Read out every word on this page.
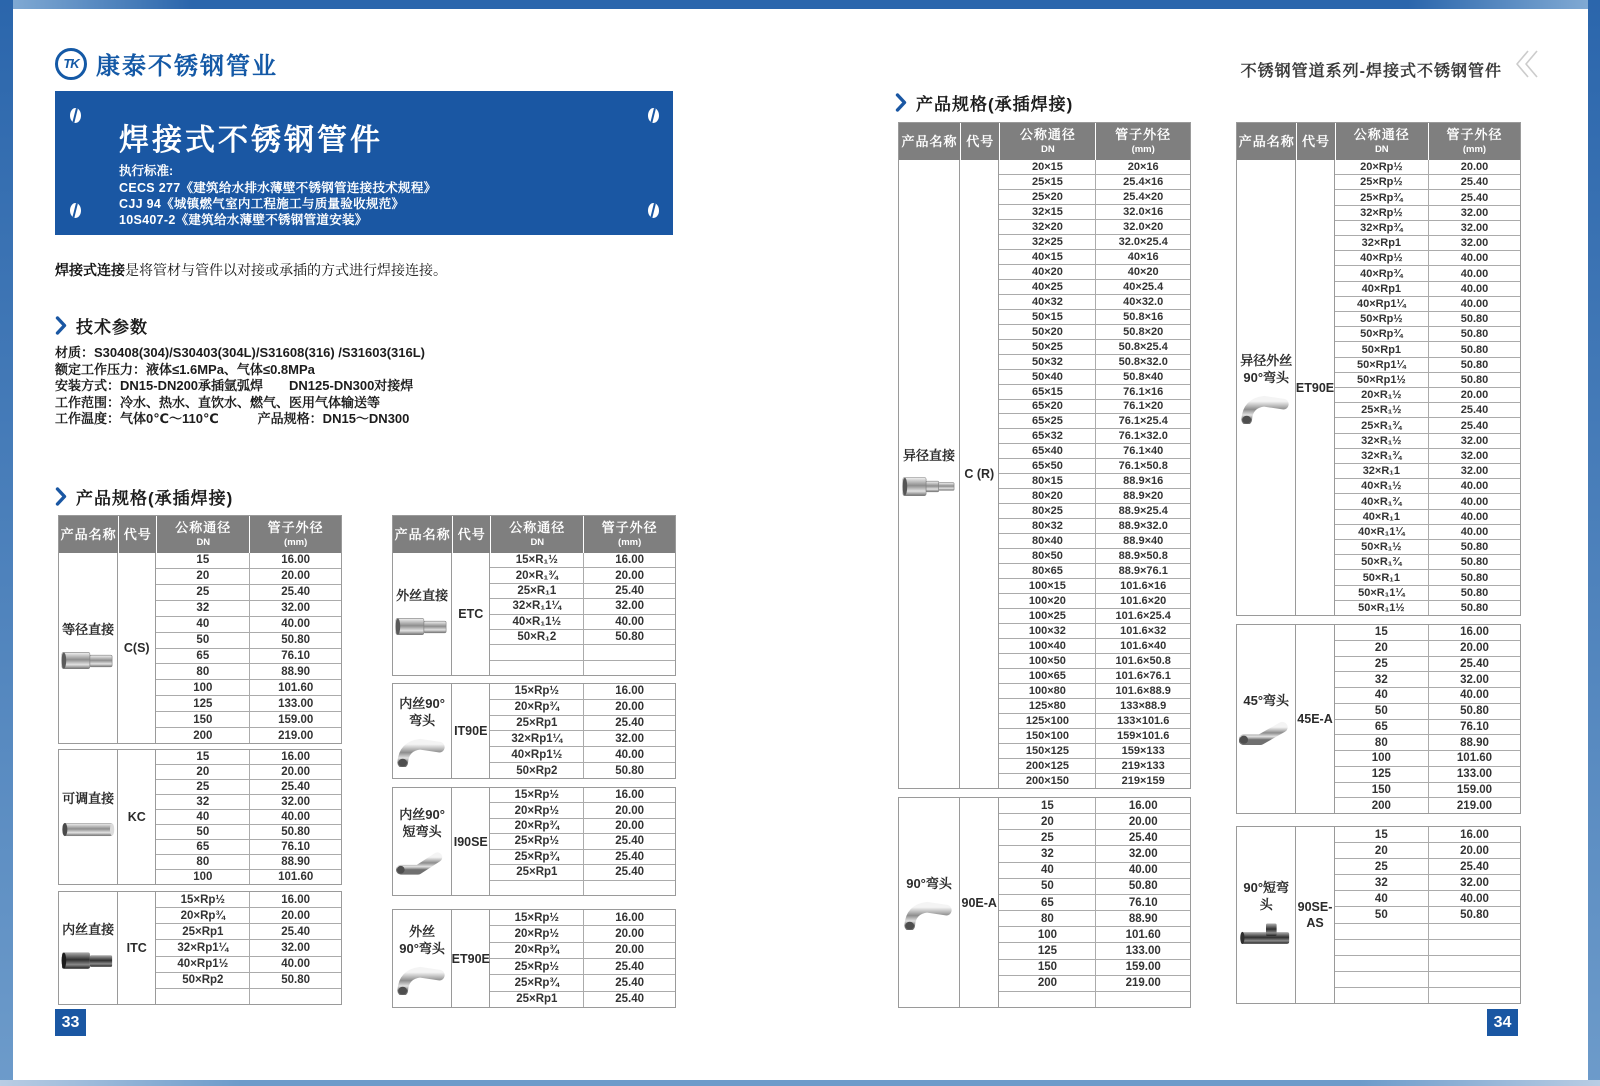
TK 康泰不锈钢管业	不锈钢管道系列-焊接式不锈钢管件
焊接式不锈钢管件
执行标准:
CECS 277《建筑给水排水薄壁不锈钢管连接技术规程》
CJJ 94《城镇燃气室内工程施工与质量验收规范》
10S407-2《建筑给水薄壁不锈钢管道安装》
焊接式连接是将管材与管件以对接或承插的方式进行焊接连接。
技术参数
材质：S30408(304)/S30403(304L)/S31608(316) /S31603(316L)
额定工作压力：液体≤1.6MPa、气体≤0.8MPa
安装方式：DN15-DN200承插氩弧焊　　DN125-DN300对接焊
工作范围：冷水、热水、直饮水、燃气、医用气体输送等
工作温度：气体0℃～110℃　　　产品规格：DN15～DN300
产品规格(承插焊接)
产品规格(承插焊接)
产品名称 代号	公称通径
DN
管子外径
(mm)
等径直接
C(S)
15	16.00
20	20.00
25	25.40
32	32.00
40	40.00
50	50.80
65	76.10
80	88.90
100	101.60
125	133.00
150	159.00
200	219.00
可调直接
KC
15	16.00
20	20.00
25	25.40
32	32.00
40	40.00
50	50.80
65	76.10
80	88.90
100	101.60
内丝直接
ITC
15×Rp½	16.00
20×Rp¾	20.00
25×Rp1	25.40
32×Rp1¼	32.00
40×Rp1½	40.00
50×Rp2	50.80
产品名称 代号	公称通径
DN
管子外径
(mm)
外丝直接
ETC
15×R₁½	16.00
20×R₁¾	20.00
25×R₁1	25.40
32×R₁1¼	32.00
40×R₁1½	40.00
50×R₁2	50.80
内丝90°
弯头
IT90E
15×Rp½	16.00
20×Rp¾	20.00
25×Rp1	25.40
32×Rp1¼	32.00
40×Rp1½	40.00
50×Rp2	50.80
内丝90°
短弯头
I90SE
15×Rp½	16.00
20×Rp½	20.00
20×Rp¾	20.00
25×Rp½	25.40
25×Rp¾	25.40
25×Rp1	25.40
外丝
90°弯头
ET90E
15×Rp½	16.00
20×Rp½	20.00
20×Rp¾	20.00
25×Rp½	25.40
25×Rp¾	25.40
25×Rp1	25.40
产品名称 代号	公称通径
DN
管子外径
(mm)
异径直接
C (R)
20×15	20×16
25×15	25.4×16
25×20	25.4×20
32×15	32.0×16
32×20	32.0×20
32×25	32.0×25.4
40×15	40×16
40×20	40×20
40×25	40×25.4
40×32	40×32.0
50×15	50.8×16
50×20	50.8×20
50×25	50.8×25.4
50×32	50.8×32.0
50×40	50.8×40
65×15	76.1×16
65×20	76.1×20
65×25	76.1×25.4
65×32	76.1×32.0
65×40	76.1×40
65×50	76.1×50.8
80×15	88.9×16
80×20	88.9×20
80×25	88.9×25.4
80×32	88.9×32.0
80×40	88.9×40
80×50	88.9×50.8
80×65	88.9×76.1
100×15	101.6×16
100×20	101.6×20
100×25	101.6×25.4
100×32	101.6×32
100×40	101.6×40
100×50	101.6×50.8
100×65	101.6×76.1
100×80	101.6×88.9
125×80	133×88.9
125×100	133×101.6
150×100	159×101.6
150×125	159×133
200×125	219×133
200×150	219×159
90°弯头
90E-A
15	16.00
20	20.00
25	25.40
32	32.00
40	40.00
50	50.80
65	76.10
80	88.90
100	101.60
125	133.00
150	159.00
200	219.00
产品名称 代号	公称通径
DN
管子外径
(mm)
异径外丝
90°弯头
ET90E
20×Rp½	20.00
25×Rp½	25.40
25×Rp¾	25.40
32×Rp½	32.00
32×Rp¾	32.00
32×Rp1	32.00
40×Rp½	40.00
40×Rp¾	40.00
40×Rp1	40.00
40×Rp1¼	40.00
50×Rp½	50.80
50×Rp¾	50.80
50×Rp1	50.80
50×Rp1¼	50.80
50×Rp1½	50.80
20×R₁½	20.00
25×R₁½	25.40
25×R₁¾	25.40
32×R₁½	32.00
32×R₁¾	32.00
32×R₁1	32.00
40×R₁½	40.00
40×R₁¾	40.00
40×R₁1	40.00
40×R₁1¼	40.00
50×R₁½	50.80
50×R₁¾	50.80
50×R₁1	50.80
50×R₁1¼	50.80
50×R₁1½	50.80
45°弯头
45E-A
15	16.00
20	20.00
25	25.40
32	32.00
40	40.00
50	50.80
65	76.10
80	88.90
100	101.60
125	133.00
150	159.00
200	219.00
90°短弯头	90SE-AS
15	16.00
20	20.00
25	25.40
32	32.00
40	40.00
50	50.80
33	34
